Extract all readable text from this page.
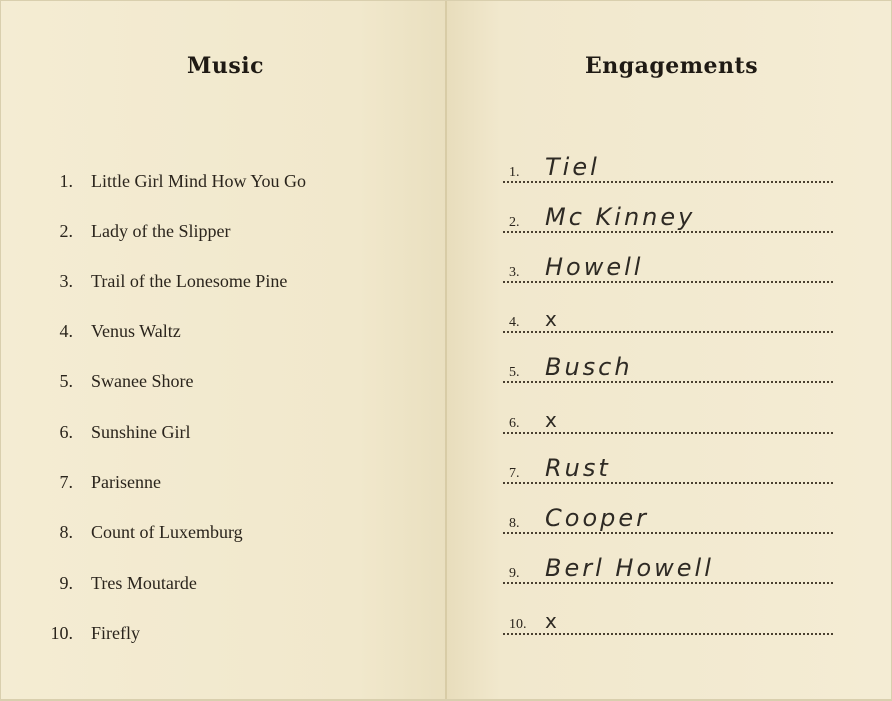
Music
1. Little Girl Mind How You Go
2. Lady of the Slipper
3. Trail of the Lonesome Pine
4. Venus Waltz
5. Swanee Shore
6. Sunshine Girl
7. Parisenne
8. Count of Luxemburg
9. Tres Moutarde
10. Firefly
Engagements
1. Tiel
2. Mc Kinney
3. Howell
4. x
5. Busch
6. x
7. Rust
8. Cooper
9. Berl Howell
10. x
